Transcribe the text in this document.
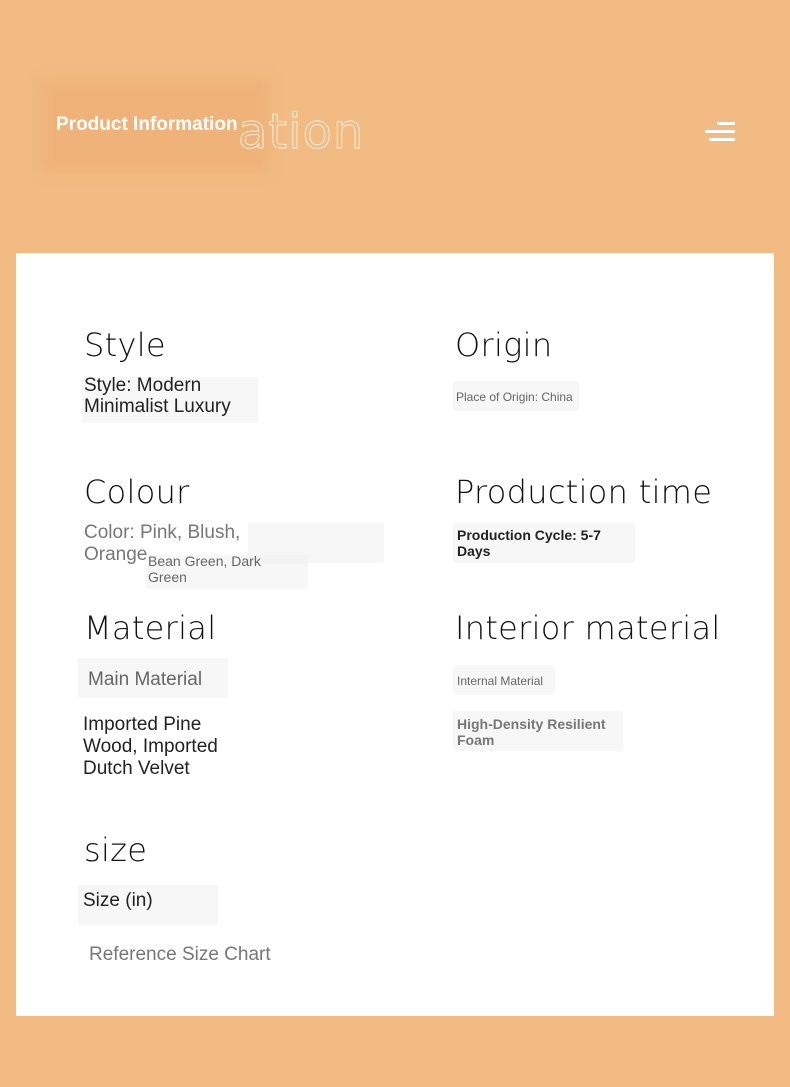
ation
Product Information
Style
Style: Modern Minimalist Luxury
Origin
Place of Origin: China
Colour
Color: Pink, Blush, Orange Bean Green, Dark Green
Production time
Production Cycle: 5-7 Days
Material
Main Material
Imported Pine Wood, Imported Dutch Velvet
Interior material
Internal Material
High-Density Resilient Foam
size
Size (in)
Reference Size Chart
